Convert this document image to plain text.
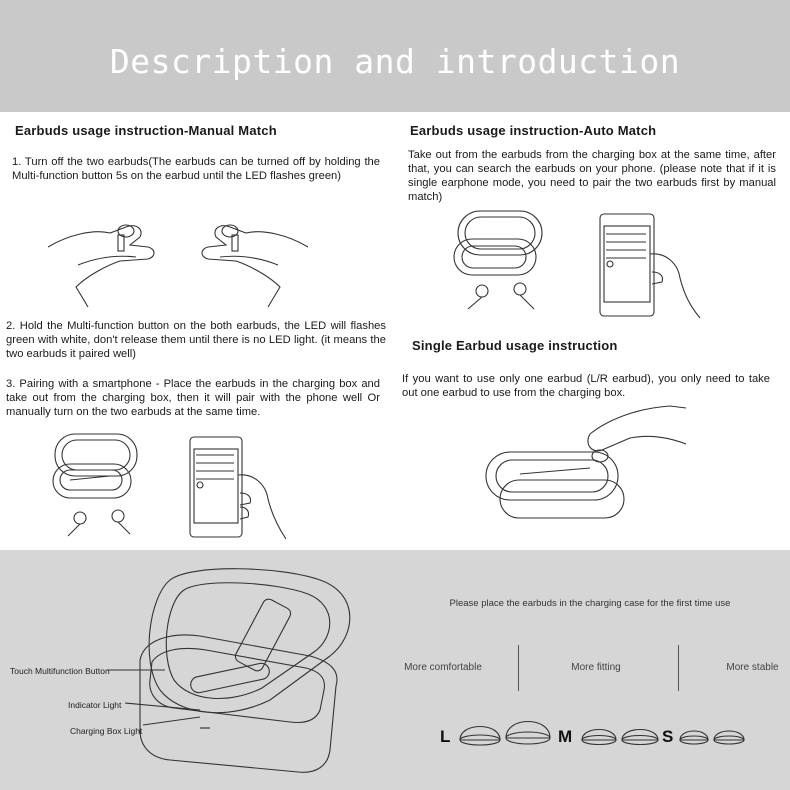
Description and introduction
Earbuds usage instruction-Manual Match
1. Turn off the two earbuds(The earbuds can be turned off by holding the Multi-function button 5s on the earbud until the LED flashes green)
2. Hold the Multi-function button on the both earbuds, the LED will flashes green with white, don't release them until there is no LED light. (it means the two earbuds it paired well)
3. Pairing with a smartphone - Place the earbuds in the charging box and take out from the charging box, then it will pair with the phone well Or manually turn on the two earbuds at the same time.
Earbuds usage instruction-Auto Match
Take out from the earbuds from the charging box at the same time, after that, you can search the earbuds on your phone. (please note that if it is single earphone mode, you need to pair the two earbuds first by manual match)
Single Earbud usage instruction
If you want to use only one earbud (L/R earbud), you only need to take out one earbud to use from the charging box.
Touch Multifunction Button
Indicator Light
Charging Box Light
Please place the earbuds in the charging case for the first time use
More comfortable	More fitting	More stable
L	M	S
